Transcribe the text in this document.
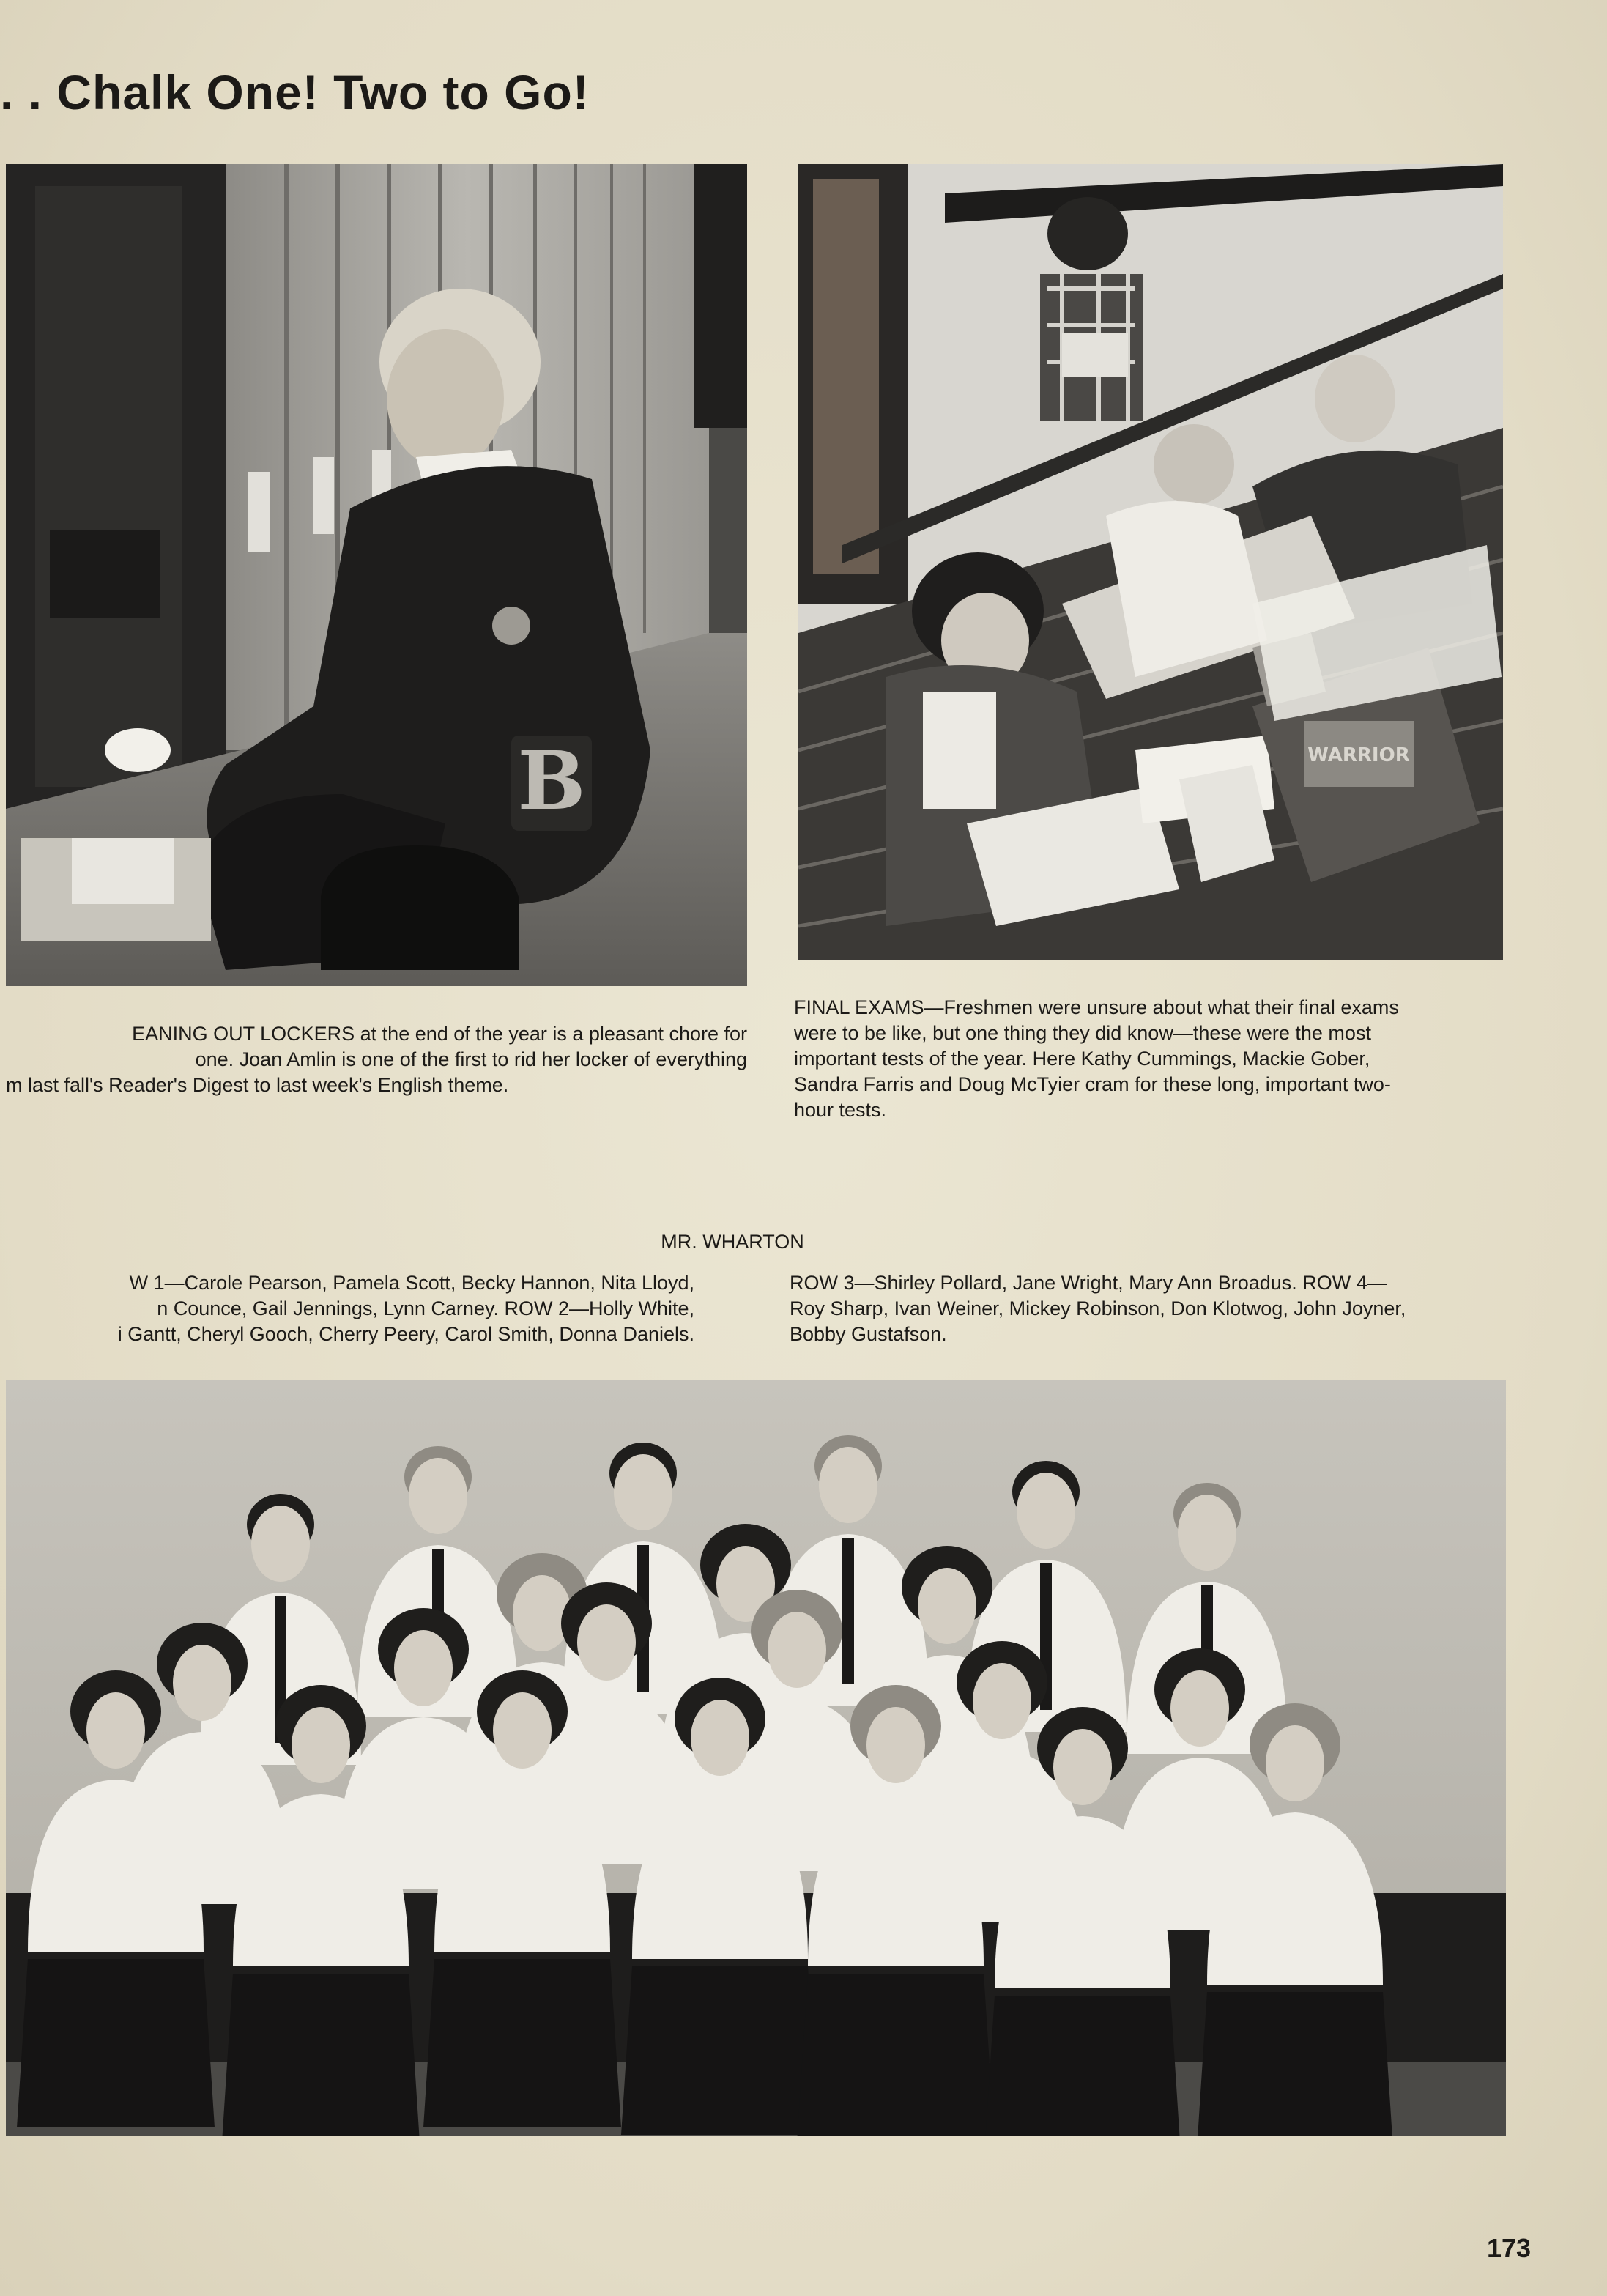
. . Chalk One! Two to Go!
B

EANING OUT LOCKERS at the end of the year is a pleasant chore for

one. Joan Amlin is one of the first to rid her locker of everything

m last fall's Reader's Digest to last week's English theme.

WARRIOR

FINAL EXAMS—Freshmen were unsure about what their final exams

were to be like, but one thing they did know—these were the most

important tests of the year. Here Kathy Cummings, Mackie Gober,

Sandra Farris and Doug McTyier cram for these long, important two-

hour tests.

MR. WHARTON

W 1—Carole Pearson, Pamela Scott, Becky Hannon, Nita Lloyd,

n Counce, Gail Jennings, Lynn Carney. ROW 2—Holly White,

i Gantt, Cheryl Gooch, Cherry Peery, Carol Smith, Donna Daniels.

ROW 3—Shirley Pollard, Jane Wright, Mary Ann Broadus. ROW 4—

Roy Sharp, Ivan Weiner, Mickey Robinson, Don Klotwog, John Joyner,

Bobby Gustafson.

173
